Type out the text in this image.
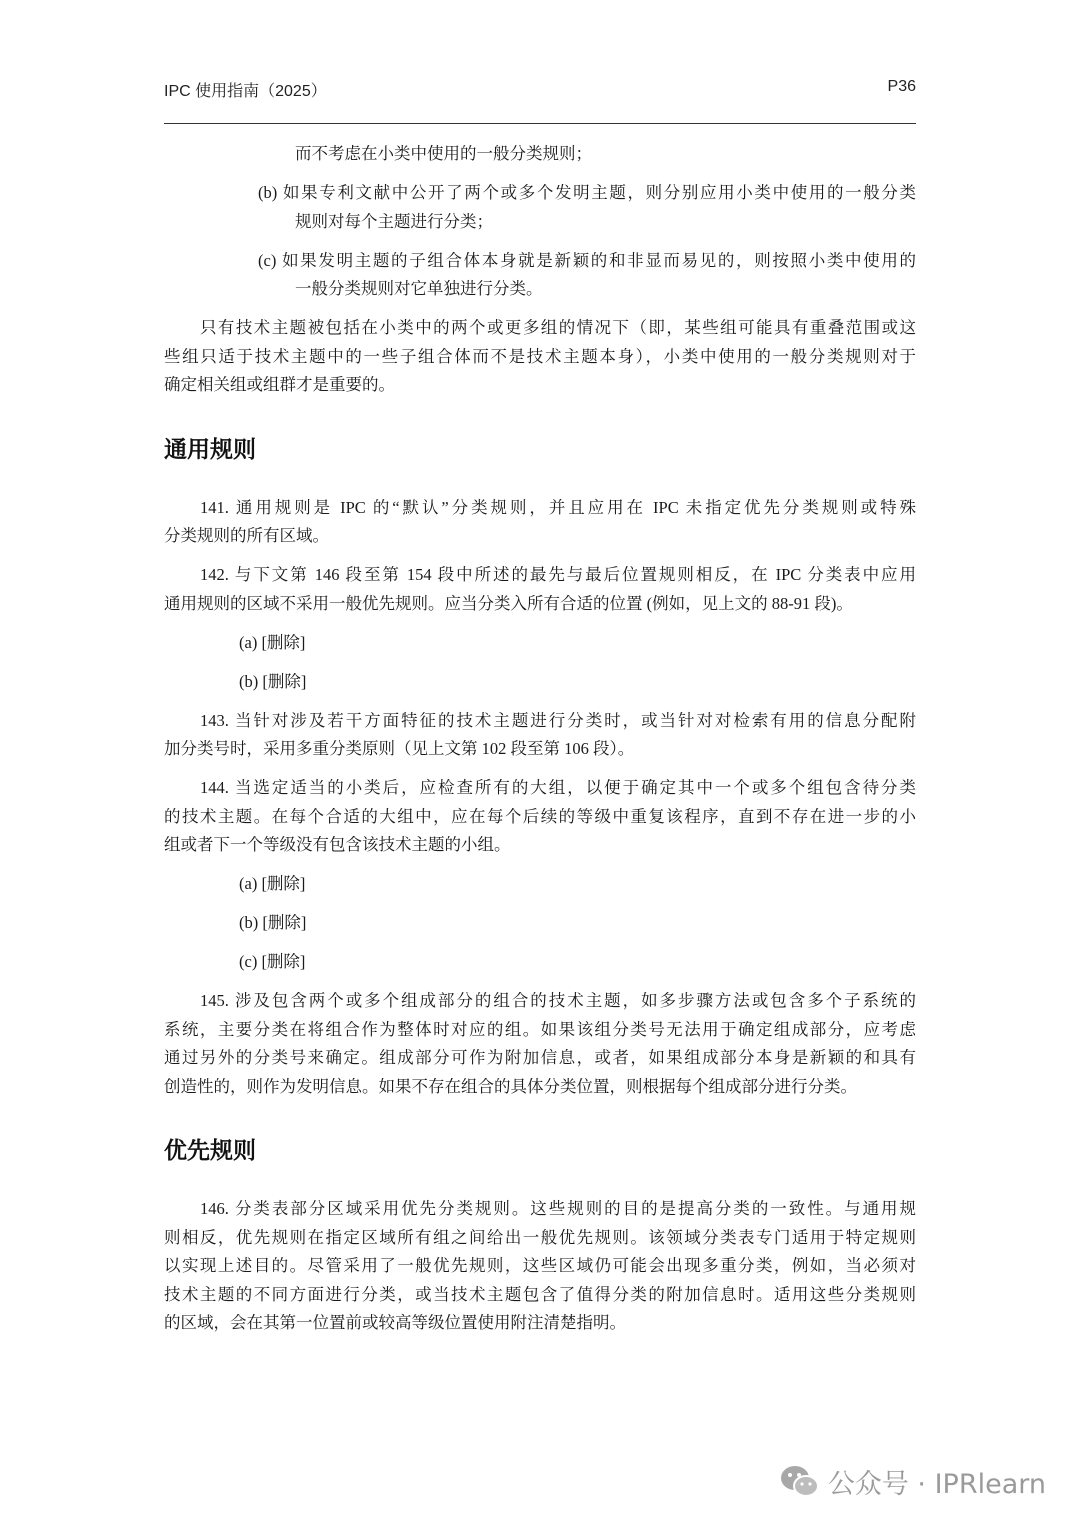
IPC 使用指南（2025）	P36
而不考虑在小类中使用的一般分类规则；
(b) 如果专利文献中公开了两个或多个发明主题，则分别应用小类中使用的一般分类
规则对每个主题进行分类；
(c) 如果发明主题的子组合体本身就是新颖的和非显而易见的，则按照小类中使用的
一般分类规则对它单独进行分类。
只有技术主题被包括在小类中的两个或更多组的情况下（即，某些组可能具有重叠范围或这
些组只适于技术主题中的一些子组合体而不是技术主题本身），小类中使用的一般分类规则对于
确定相关组或组群才是重要的。
通用规则
141. 通用规则是 IPC 的“默认”分类规则，并且应用在 IPC 未指定优先分类规则或特殊
分类规则的所有区域。
142. 与下文第 146 段至第 154 段中所述的最先与最后位置规则相反，在 IPC 分类表中应用
通用规则的区域不采用一般优先规则。应当分类入所有合适的位置 (例如，见上文的 88-91 段)。
(a) [删除]
(b) [删除]
143. 当针对涉及若干方面特征的技术主题进行分类时，或当针对对检索有用的信息分配附
加分类号时，采用多重分类原则（见上文第 102 段至第 106 段）。
144. 当选定适当的小类后，应检查所有的大组，以便于确定其中一个或多个组包含待分类
的技术主题。在每个合适的大组中，应在每个后续的等级中重复该程序，直到不存在进一步的小
组或者下一个等级没有包含该技术主题的小组。
(a) [删除]
(b) [删除]
(c) [删除]
145. 涉及包含两个或多个组成部分的组合的技术主题，如多步骤方法或包含多个子系统的
系统，主要分类在将组合作为整体时对应的组。如果该组分类号无法用于确定组成部分，应考虑
通过另外的分类号来确定。组成部分可作为附加信息，或者，如果组成部分本身是新颖的和具有
创造性的，则作为发明信息。如果不存在组合的具体分类位置，则根据每个组成部分进行分类。
优先规则
146. 分类表部分区域采用优先分类规则。这些规则的目的是提高分类的一致性。与通用规
则相反，优先规则在指定区域所有组之间给出一般优先规则。该领域分类表专门适用于特定规则
以实现上述目的。尽管采用了一般优先规则，这些区域仍可能会出现多重分类，例如，当必须对
技术主题的不同方面进行分类，或当技术主题包含了值得分类的附加信息时。适用这些分类规则
的区域，会在其第一位置前或较高等级位置使用附注清楚指明。
公众号 · IPRlearn
